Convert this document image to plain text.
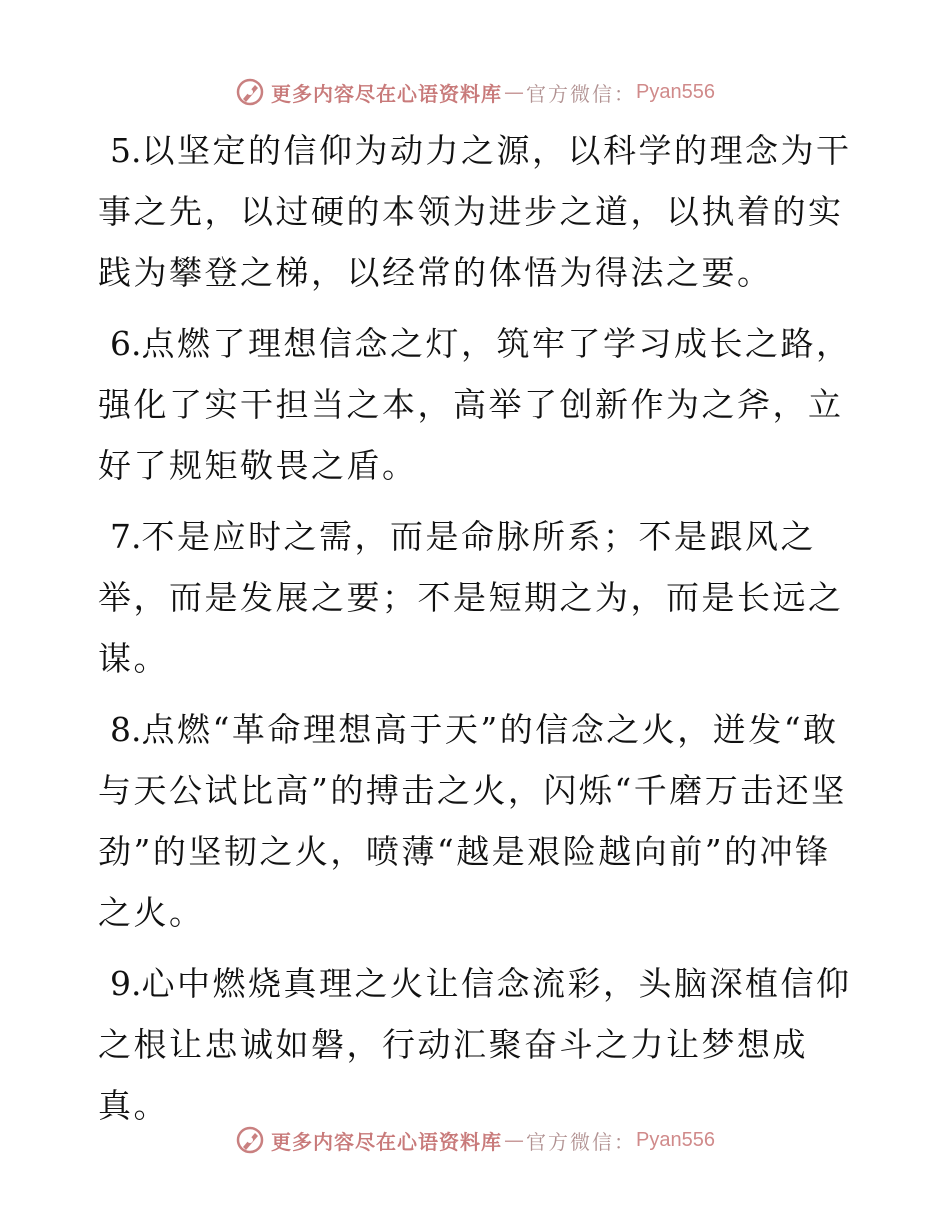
更多内容尽在心语资料库 — 官方微信： Pyan556

5.以坚定的信仰为动力之源，以科学的理念为干事之先，以过硬的本领为进步之道，以执着的实践为攀登之梯，以经常的体悟为得法之要。

6.点燃了理想信念之灯，筑牢了学习成长之路，强化了实干担当之本，高举了创新作为之斧，立好了规矩敬畏之盾。

7.不是应时之需，而是命脉所系；不是跟风之举，而是发展之要；不是短期之为，而是长远之谋。

8.点燃“革命理想高于天”的信念之火，迸发“敢与天公试比高”的搏击之火，闪烁“千磨万击还坚劲”的坚韧之火，喷薄“越是艰险越向前”的冲锋之火。

9.心中燃烧真理之火让信念流彩，头脑深植信仰之根让忠诚如磐，行动汇聚奋斗之力让梦想成真。

更多内容尽在心语资料库 — 官方微信： Pyan556
